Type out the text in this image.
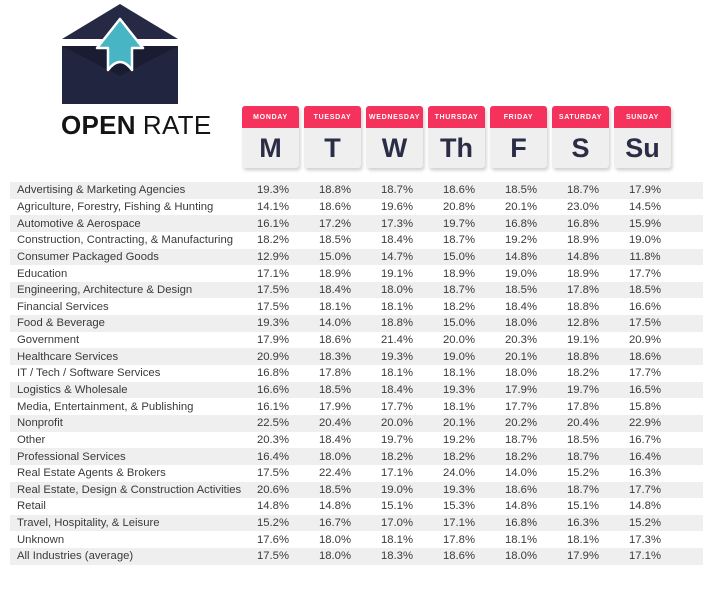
OPEN RATE	MONDAY
M
TUESDAY
T
WEDNESDAY
W
THURSDAY
Th
FRIDAY
F
SATURDAY
S
SUNDAY
Su
Advertising & Marketing Agencies	19.3%	18.8%	18.7%	18.6%	18.5%	18.7%	17.9%
Agriculture, Forestry, Fishing & Hunting	14.1%	18.6%	19.6%	20.8%	20.1%	23.0%	14.5%
Automotive & Aerospace	16.1%	17.2%	17.3%	19.7%	16.8%	16.8%	15.9%
Construction, Contracting, & Manufacturing	18.2%	18.5%	18.4%	18.7%	19.2%	18.9%	19.0%
Consumer Packaged Goods	12.9%	15.0%	14.7%	15.0%	14.8%	14.8%	11.8%
Education	17.1%	18.9%	19.1%	18.9%	19.0%	18.9%	17.7%
Engineering, Architecture & Design	17.5%	18.4%	18.0%	18.7%	18.5%	17.8%	18.5%
Financial Services	17.5%	18.1%	18.1%	18.2%	18.4%	18.8%	16.6%
Food & Beverage	19.3%	14.0%	18.8%	15.0%	18.0%	12.8%	17.5%
Government	17.9%	18.6%	21.4%	20.0%	20.3%	19.1%	20.9%
Healthcare Services	20.9%	18.3%	19.3%	19.0%	20.1%	18.8%	18.6%
IT / Tech / Software Services	16.8%	17.8%	18.1%	18.1%	18.0%	18.2%	17.7%
Logistics & Wholesale	16.6%	18.5%	18.4%	19.3%	17.9%	19.7%	16.5%
Media, Entertainment, & Publishing	16.1%	17.9%	17.7%	18.1%	17.7%	17.8%	15.8%
Nonprofit	22.5%	20.4%	20.0%	20.1%	20.2%	20.4%	22.9%
Other	20.3%	18.4%	19.7%	19.2%	18.7%	18.5%	16.7%
Professional Services	16.4%	18.0%	18.2%	18.2%	18.2%	18.7%	16.4%
Real Estate Agents & Brokers	17.5%	22.4%	17.1%	24.0%	14.0%	15.2%	16.3%
Real Estate, Design & Construction Activities	20.6%	18.5%	19.0%	19.3%	18.6%	18.7%	17.7%
Retail	14.8%	14.8%	15.1%	15.3%	14.8%	15.1%	14.8%
Travel, Hospitality, & Leisure	15.2%	16.7%	17.0%	17.1%	16.8%	16.3%	15.2%
Unknown	17.6%	18.0%	18.1%	17.8%	18.1%	18.1%	17.3%
All Industries (average)	17.5%	18.0%	18.3%	18.6%	18.0%	17.9%	17.1%
